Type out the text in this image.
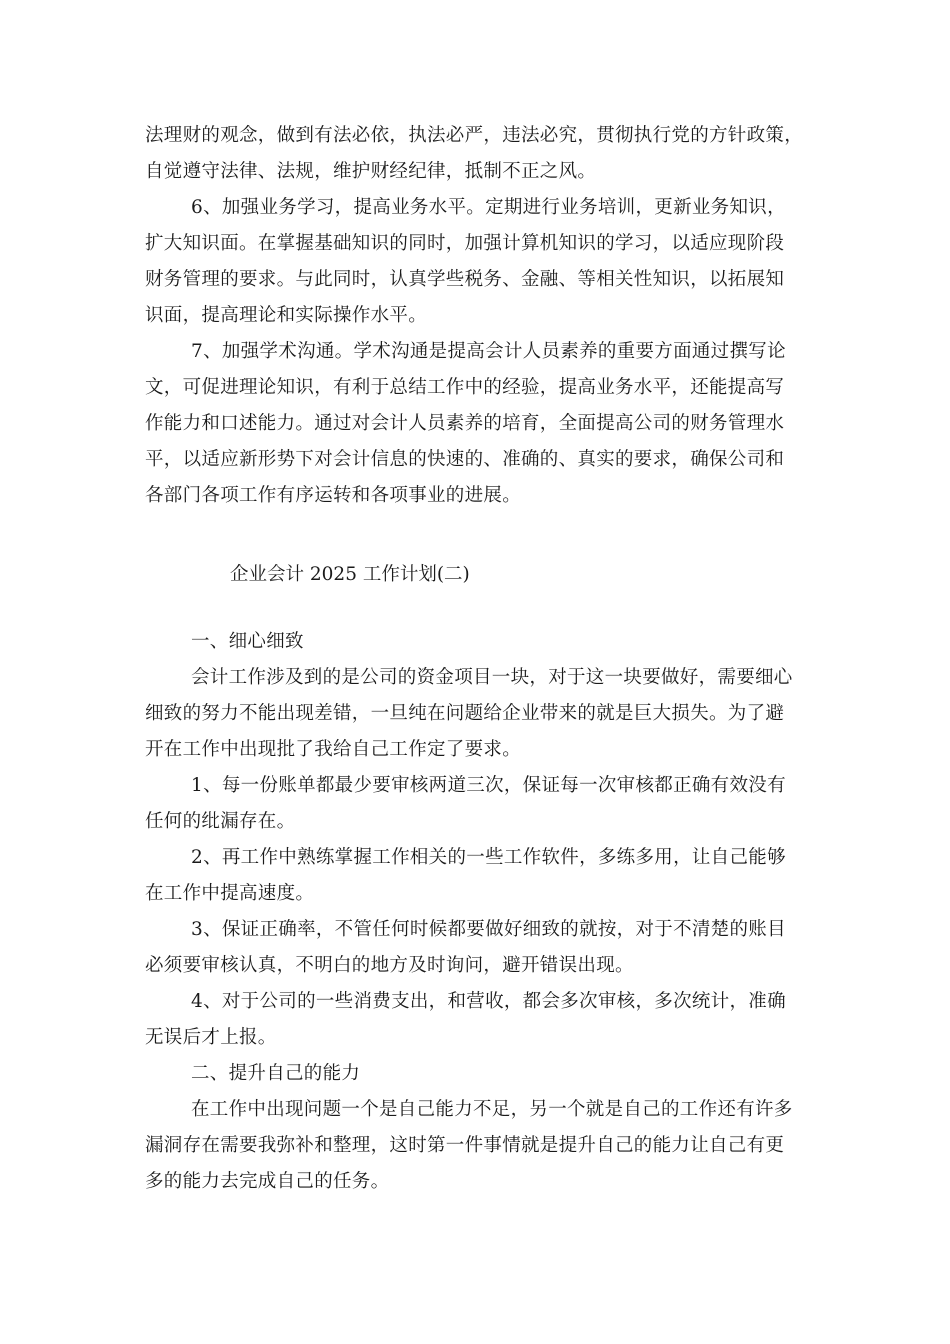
法理财的观念，做到有法必依，执法必严，违法必究，贯彻执行党的方针政策，
自觉遵守法律、法规，维护财经纪律，抵制不正之风。
6、加强业务学习，提高业务水平。定期进行业务培训，更新业务知识，
扩大知识面。在掌握基础知识的同时，加强计算机知识的学习，以适应现阶段
财务管理的要求。与此同时，认真学些税务、金融、等相关性知识，以拓展知
识面，提高理论和实际操作水平。
7、加强学术沟通。学术沟通是提高会计人员素养的重要方面通过撰写论
文，可促进理论知识，有利于总结工作中的经验，提高业务水平，还能提高写
作能力和口述能力。通过对会计人员素养的培育，全面提高公司的财务管理水
平，以适应新形势下对会计信息的快速的、准确的、真实的要求，确保公司和
各部门各项工作有序运转和各项事业的进展。
企业会计 2025 工作计划(二)
一、细心细致
会计工作涉及到的是公司的资金项目一块，对于这一块要做好，需要细心
细致的努力不能出现差错，一旦纯在问题给企业带来的就是巨大损失。为了避
开在工作中出现批了我给自己工作定了要求。
1、每一份账单都最少要审核两道三次，保证每一次审核都正确有效没有
任何的纰漏存在。
2、再工作中熟练掌握工作相关的一些工作软件，多练多用，让自己能够
在工作中提高速度。
3、保证正确率，不管任何时候都要做好细致的就按，对于不清楚的账目
必须要审核认真，不明白的地方及时询问，避开错误出现。
4、对于公司的一些消费支出，和营收，都会多次审核，多次统计，准确
无误后才上报。
二、提升自己的能力
在工作中出现问题一个是自己能力不足，另一个就是自己的工作还有许多
漏洞存在需要我弥补和整理，这时第一件事情就是提升自己的能力让自己有更
多的能力去完成自己的任务。
